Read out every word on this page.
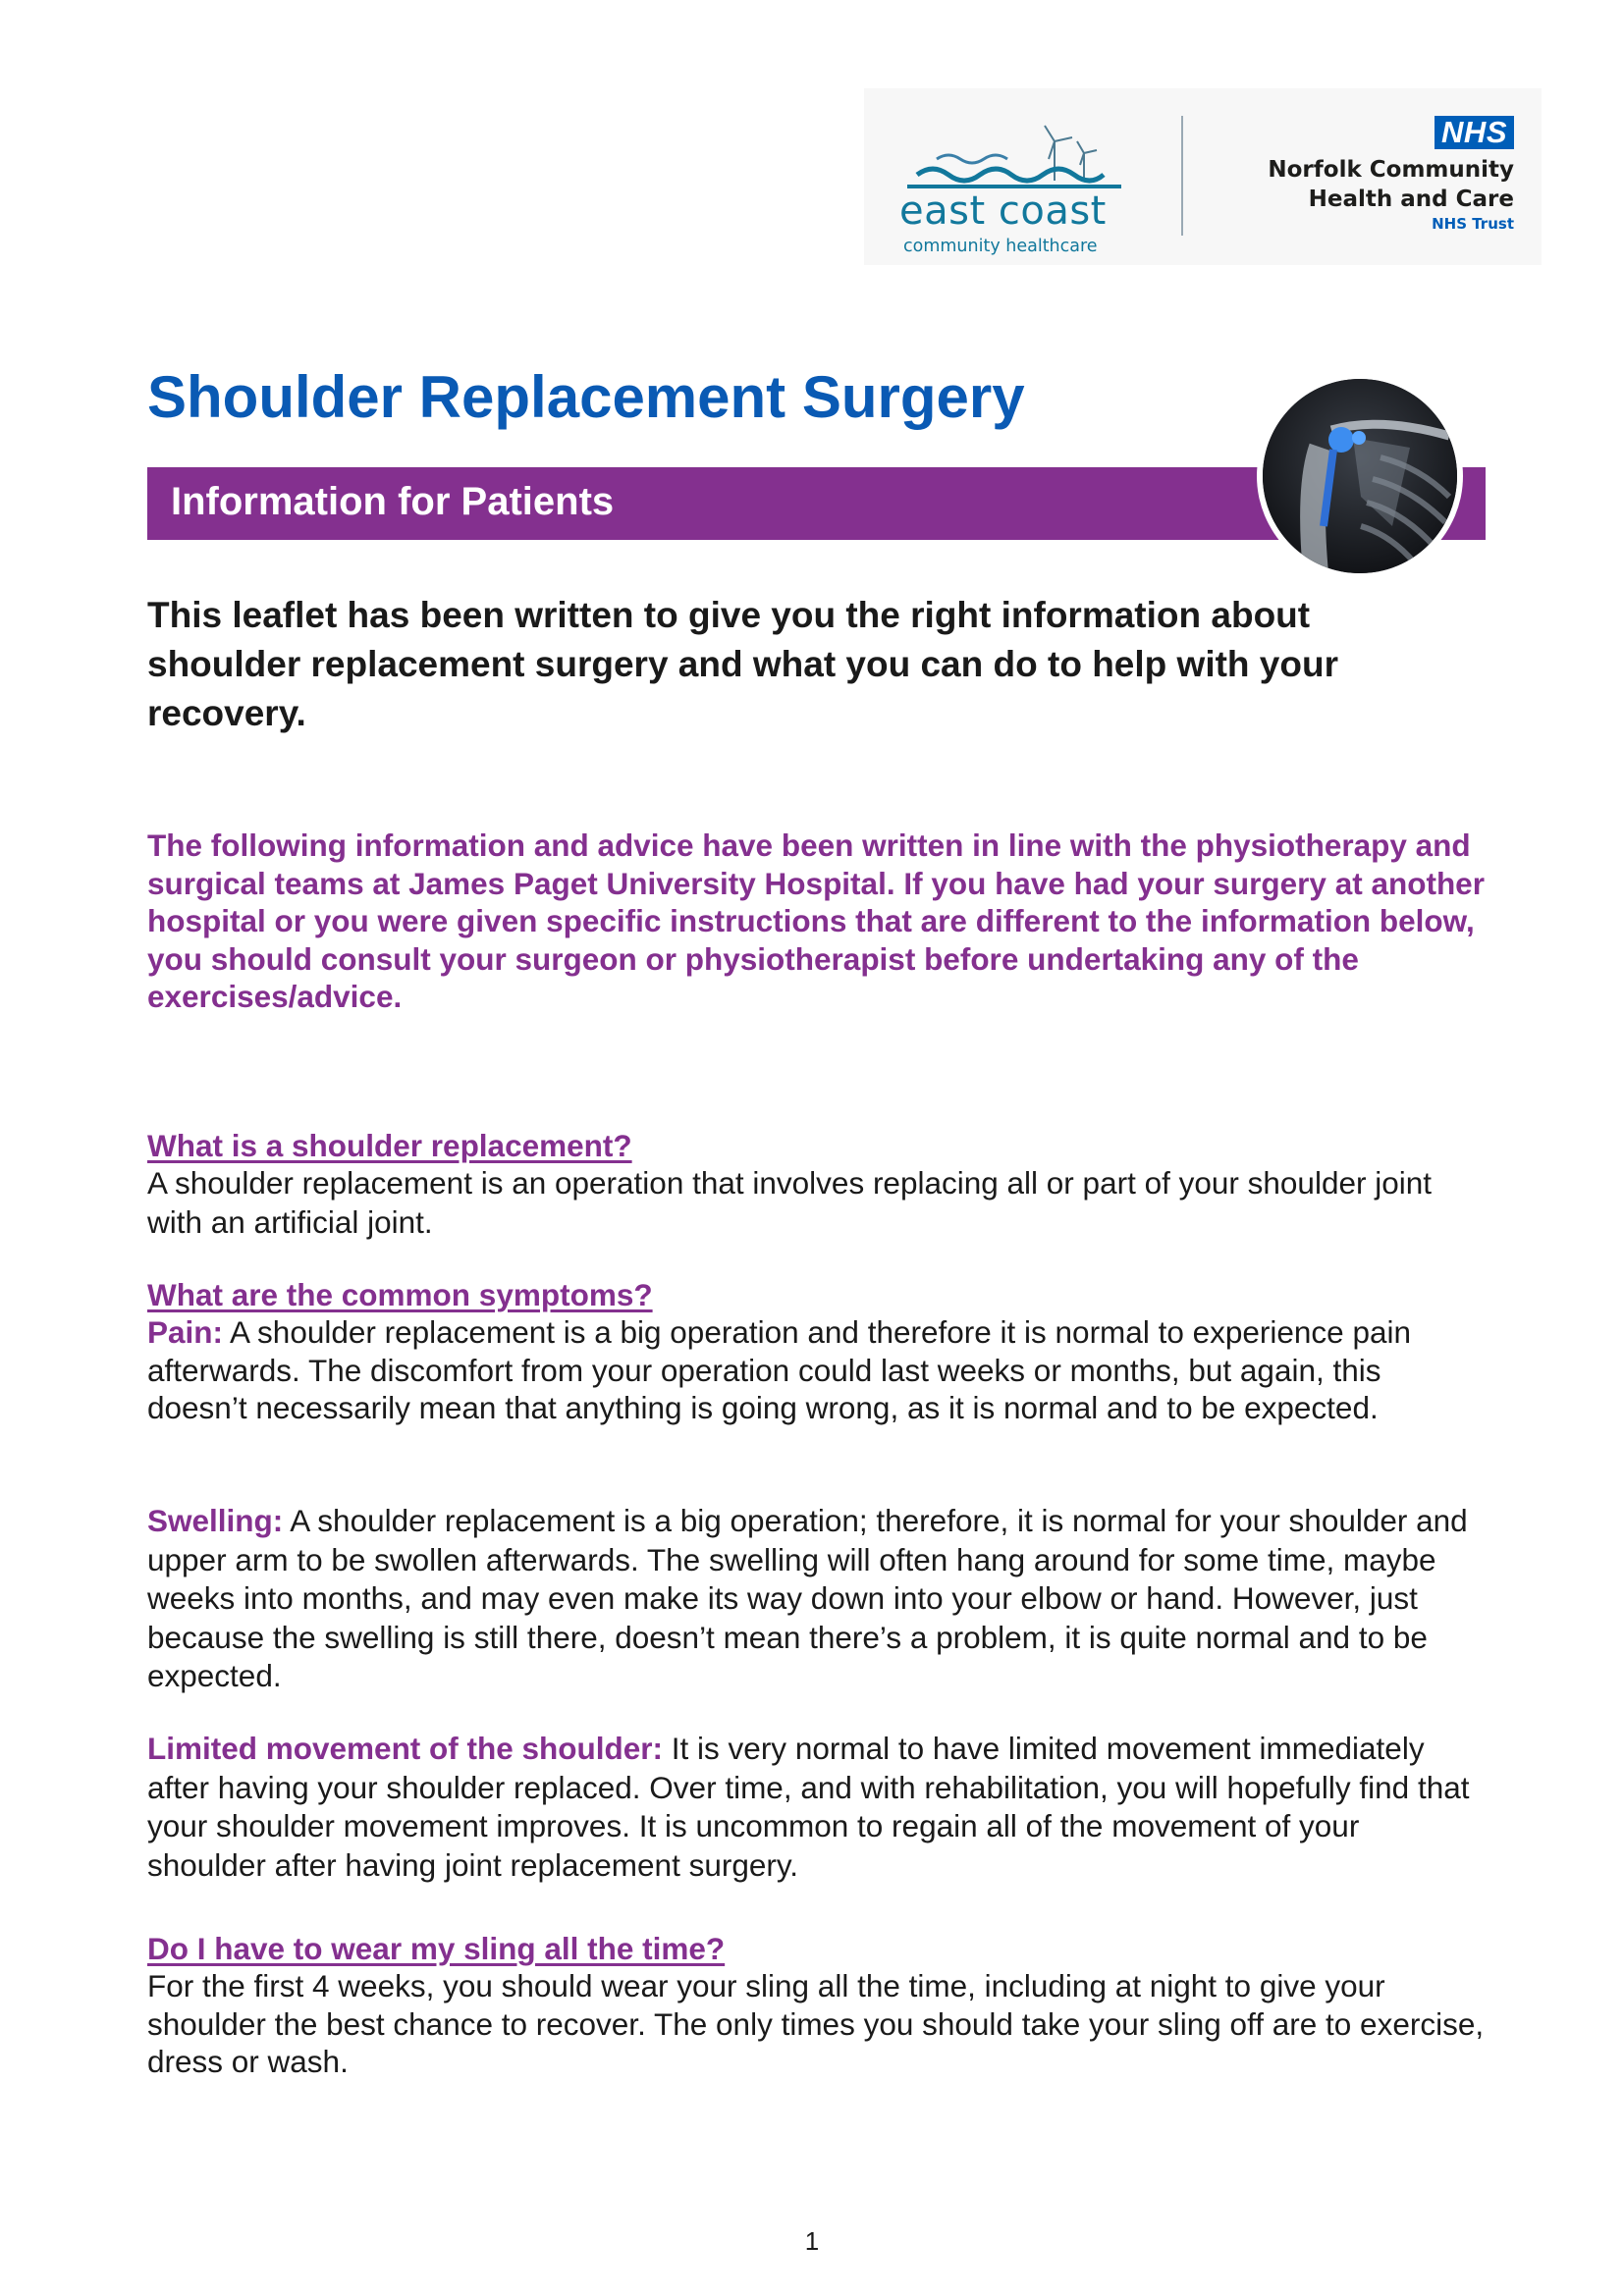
east coast
community healthcare
NHS
Norfolk Community
Health and Care
NHS Trust
Shoulder Replacement Surgery
Information for Patients

This leaflet has been written to give you the right information about shoulder replacement surgery and what you can do to help with your recovery.

The following information and advice have been written in line with the physiotherapy and surgical teams at James Paget University Hospital. If you have had your surgery at another hospital or you were given specific instructions that are different to the information below, you should consult your surgeon or physiotherapist before undertaking any of the exercises/advice.

What is a shoulder replacement?

A shoulder replacement is an operation that involves replacing all or part of your shoulder joint with an artificial joint.

What are the common symptoms?

Pain: A shoulder replacement is a big operation and therefore it is normal to experience pain afterwards. The discomfort from your operation could last weeks or months, but again, this doesn’t necessarily mean that anything is going wrong, as it is normal and to be expected.

Swelling: A shoulder replacement is a big operation; therefore, it is normal for your shoulder and upper arm to be swollen afterwards. The swelling will often hang around for some time, maybe weeks into months, and may even make its way down into your elbow or hand. However, just because the swelling is still there, doesn’t mean there’s a problem, it is quite normal and to be expected.

Limited movement of the shoulder: It is very normal to have limited movement immediately after having your shoulder replaced. Over time, and with rehabilitation, you will hopefully find that your shoulder movement improves. It is uncommon to regain all of the movement of your shoulder after having joint replacement surgery.

Do I have to wear my sling all the time?

For the first 4 weeks, you should wear your sling all the time, including at night to give your shoulder the best chance to recover. The only times you should take your sling off are to exercise, dress or wash.

1
